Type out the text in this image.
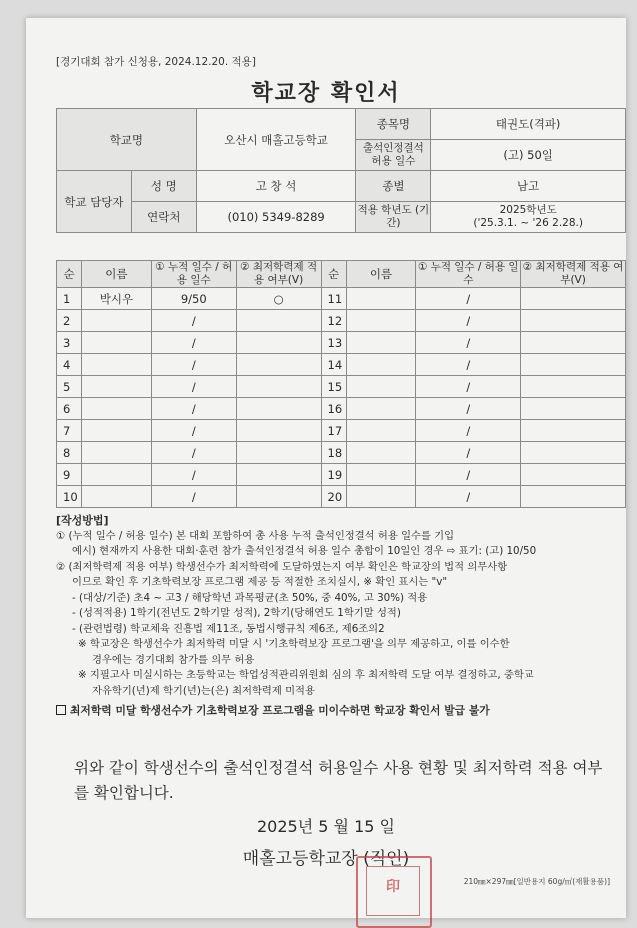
[경기대회 참가 신청용, 2024.12.20. 적용]
학교장 확인서
학교명		오산시 매홀고등학교	종목명	태권도(격파)
			출석인정결석 허용 일수	(고) 50일
학교 담당자	성 명	고 창 석	종별	남고
	연락처	(010) 5349-8289	적용 학년도 (기간)	2025학년도
('25.3.1. ~ '26 2.28.)
순	이름	① 누적 일수 / 허용 일수	② 최저학력제 적용 여부(V)	순	이름	① 누적 일수 / 허용 일수	② 최저학력제 적용 여부(V)
1	박시우	9/50	○	11		/	
2		/		12		/	
3		/		13		/	
4		/		14		/	
5		/		15		/	
6		/		16		/	
7		/		17		/	
8		/		18		/	
9		/		19		/	
10		/		20		/	
[작성방법]
① (누적 일수 / 허용 일수) 본 대회 포함하여 총 사용 누적 출석인정결석 허용 일수를 기입
예시) 현재까지 사용한 대회·훈련 참가 출석인정결석 허용 일수 총합이 10일인 경우 ⇨ 표기: (고) 10/50
② (최저학력제 적용 여부) 학생선수가 최저학력에 도달하였는지 여부 확인은 학교장의 법적 의무사항
이므로 확인 후 기초학력보장 프로그램 제공 등 적절한 조치실시, ※ 확인 표시는 "v"
- (대상/기준) 초4 ~ 고3 / 해당학년 과목평균(초 50%, 중 40%, 고 30%) 적용
- (성적적용) 1학기(전년도 2학기말 성적), 2학기(당해연도 1학기말 성적)
- (관련법령) 학교체육 진흥법 제11조, 동법시행규칙 제6조, 제6조의2
※ 학교장은 학생선수가 최저학력 미달 시 '기초학력보장 프로그램'을 의무 제공하고, 이를 이수한
경우에는 경기대회 참가를 의무 허용
※ 지필고사 미실시하는 초등학교는 학업성적관리위원회 심의 후 최저학력 도달 여부 결정하고, 중학교
자유학기(년)제 학기(년)는(은) 최저학력제 미적용
최저학력 미달 학생선수가 기초학력보장 프로그램을 미이수하면 학교장 확인서 발급 불가
위와 같이 학생선수의 출석인정결석 허용일수 사용 현황 및 최저학력 적용 여부를 확인합니다.
2025년 5 월 15 일
매홀고등학교장 (직인)
210㎜×297㎜[일반용지 60g/㎡(재활용품)]
印
